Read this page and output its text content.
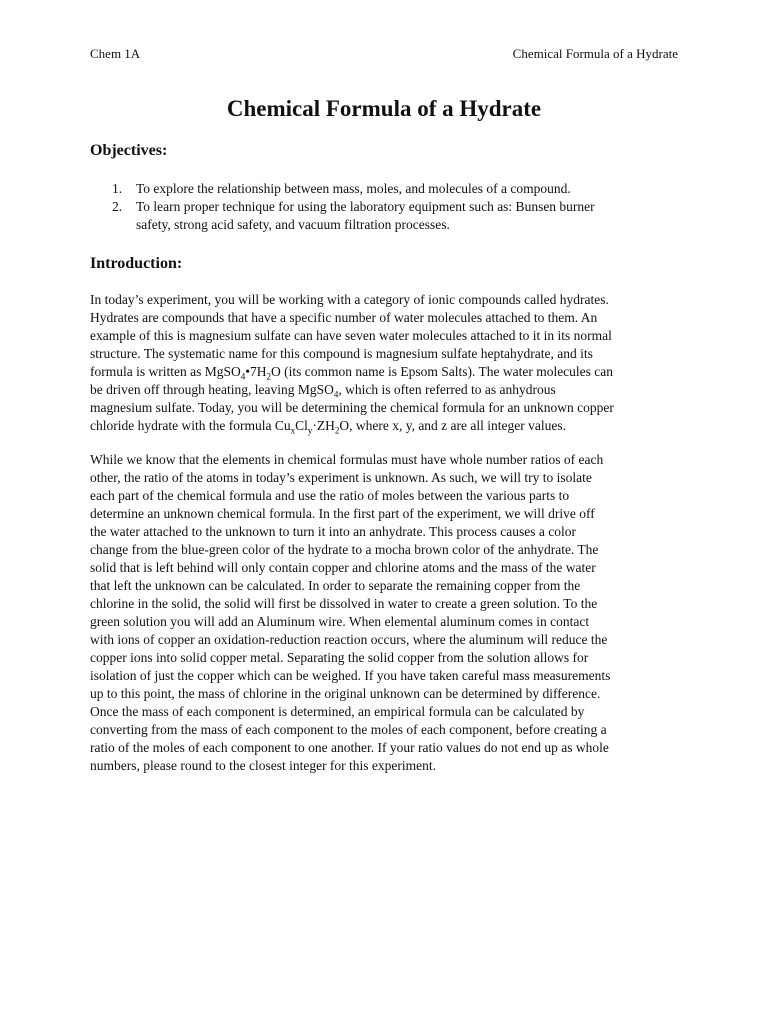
Chem 1A	Chemical Formula of a Hydrate
Chemical Formula of a Hydrate
Objectives:
1. To explore the relationship between mass, moles, and molecules of a compound.
2. To learn proper technique for using the laboratory equipment such as: Bunsen burner
safety, strong acid safety, and vacuum filtration processes.
Introduction:
In today’s experiment, you will be working with a category of ionic compounds called hydrates.
Hydrates are compounds that have a specific number of water molecules attached to them. An
example of this is magnesium sulfate can have seven water molecules attached to it in its normal
structure. The systematic name for this compound is magnesium sulfate heptahydrate, and its
formula is written as $MgSO_4•7H_2O$ (its common name is Epsom Salts). The water molecules can
be driven off through heating, leaving MgSO$_4$, which is often referred to as anhydrous
magnesium sulfate. Today, you will be determining the chemical formula for an unknown copper
chloride hydrate with the formula $Cu_xCl_y\cdot ZH_2O$, where x, y, and z are all integer values.
While we know that the elements in chemical formulas must have whole number ratios of each
other, the ratio of the atoms in today’s experiment is unknown. As such, we will try to isolate
each part of the chemical formula and use the ratio of moles between the various parts to
determine an unknown chemical formula. In the first part of the experiment, we will drive off
the water attached to the unknown to turn it into an anhydrate. This process causes a color
change from the blue-green color of the hydrate to a mocha brown color of the anhydrate. The
solid that is left behind will only contain copper and chlorine atoms and the mass of the water
that left the unknown can be calculated. In order to separate the remaining copper from the
chlorine in the solid, the solid will first be dissolved in water to create a green solution. To the
green solution you will add an Aluminum wire. When elemental aluminum comes in contact
with ions of copper an oxidation-reduction reaction occurs, where the aluminum will reduce the
copper ions into solid copper metal. Separating the solid copper from the solution allows for
isolation of just the copper which can be weighed. If you have taken careful mass measurements
up to this point, the mass of chlorine in the original unknown can be determined by difference.
Once the mass of each component is determined, an empirical formula can be calculated by
converting from the mass of each component to the moles of each component, before creating a
ratio of the moles of each component to one another. If your ratio values do not end up as whole
numbers, please round to the closest integer for this experiment.
